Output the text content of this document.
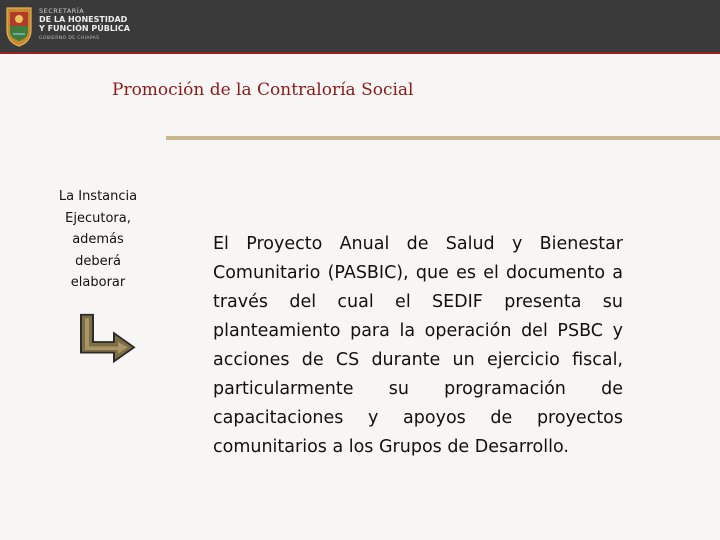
SECRETARÍA
DE LA HONESTIDAD
Y FUNCIÓN PÚBLICA
GOBIERNO DE CHIAPAS
Promoción de la Contraloría Social
La Instancia
Ejecutora,
además
deberá
elaborar
El Proyecto Anual de Salud y Bienestar Comunitario (PASBIC), que es el documento a través del cual el SEDIF presenta su planteamiento para la operación del PSBC y acciones de CS durante un ejercicio fiscal, particularmente su programación de capacitaciones y apoyos de proyectos comunitarios a los Grupos de Desarrollo.
